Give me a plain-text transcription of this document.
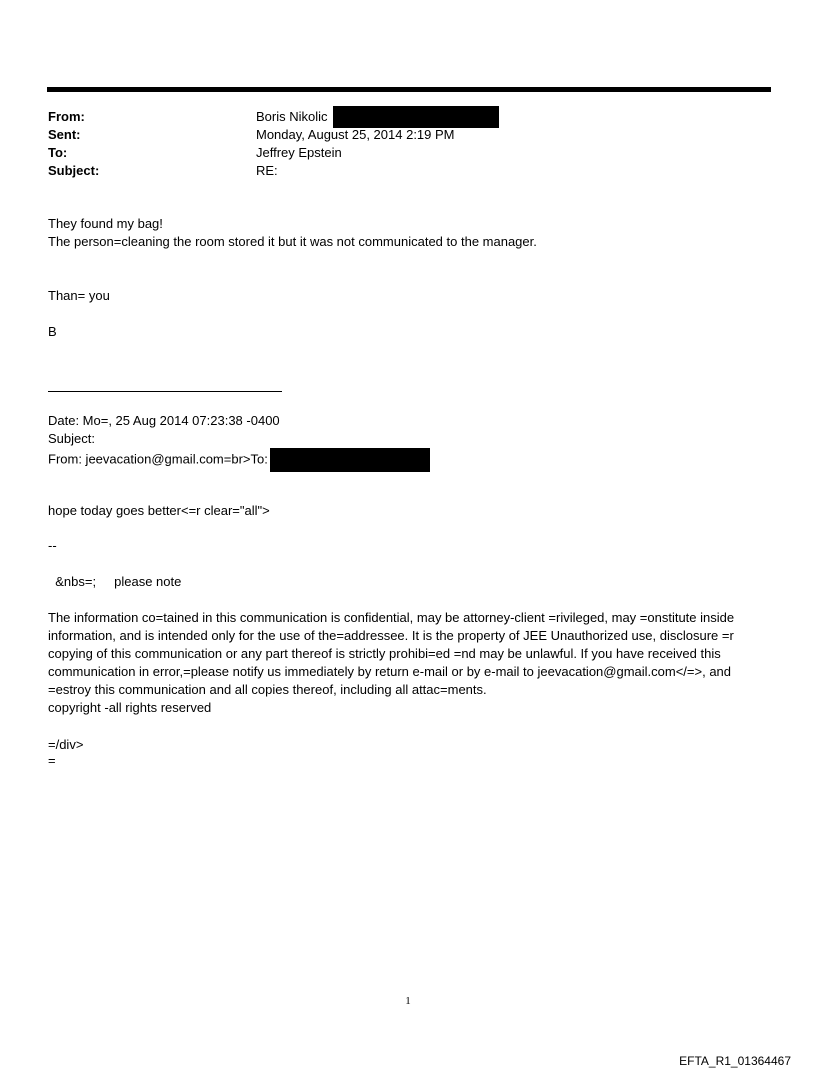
From:	Boris Nikolic
Sent:	Monday, August 25, 2014 2:19 PM
To:	Jeffrey Epstein
Subject:	RE:
They found my bag!
The person=cleaning the room stored it but it was not communicated to the manager.
Than= you
B
Date: Mo=, 25 Aug 2014 07:23:38 -0400
Subject:
From: jeevacation@gmail.com=br>To:
hope today goes better<=r clear="all">
--
&nbs=;     please note
The information co=tained in this communication is confidential, may be attorney-client =rivileged, may =onstitute inside information, and is intended only for the use of the=addressee. It is the property of JEE Unauthorized use, disclosure =r copying of this communication or any part thereof is strictly prohibi=ed =nd may be unlawful. If you have received this communication in error,=please notify us immediately by return e-mail or by e-mail to jeevacation@gmail.com</=>, and =estroy this communication and all copies thereof, including all attac=ments.
copyright -all rights reserved
=/div>
=
1
EFTA_R1_01364467
